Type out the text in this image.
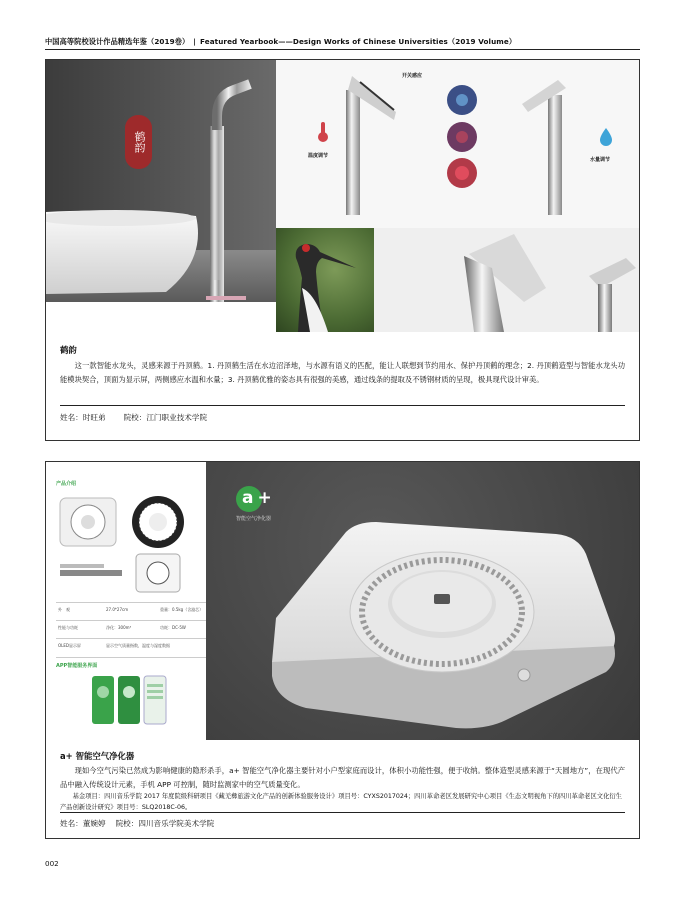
中国高等院校设计作品精选年鉴（2019卷） | Featured Yearbook——Design Works of Chinese Universities（2019 Volume）
鹤韵
开关感应
温度调节
水量调节
鹤韵
这一款智能水龙头，灵感来源于丹顶鹤。1. 丹顶鹤生活在水边沼泽地，与水源有语义的匹配，能让人联想到节约用水、保护丹顶鹤的理念；2. 丹顶鹤造型与智能水龙头功能模块契合，顶面为显示屏，两侧感应水温和水量；3. 丹顶鹤优雅的姿态具有很强的美感，通过线条的提取及不锈钢材质的呈现，极具现代设计审美。
姓名：时旺弟 院校：江门职业技术学院
产品介绍
外　观	27.0*27cm	重量：0.5kg（含滤芯）
性能与功耗	净化：300m³	功耗：DC-5W
OLED显示屏	显示空气质量指数，温度与湿度数据
APP智能服务界面
a+
智能空气净化器
a+ 智能空气净化器
现如今空气污染已然成为影响健康的隐形杀手，a+ 智能空气净化器主要针对小户型家庭而设计，体积小功能性强，便于收纳。整体造型灵感来源于“天圆地方”，在现代产品中融入传统设计元素，手机 APP 可控制，随时监测家中的空气质量变化。
基金项目：四川音乐学院 2017 年度院级科研项目《藏羌彝旅游文化产品的创新体验服务设计》项目号：CYXS2017024；四川革命老区发展研究中心项目《生态文明视角下的四川革命老区文化衍生产品创新设计研究》项目号：SLQ2018C-06。
姓名：董婉婷 院校：四川音乐学院美术学院
002
